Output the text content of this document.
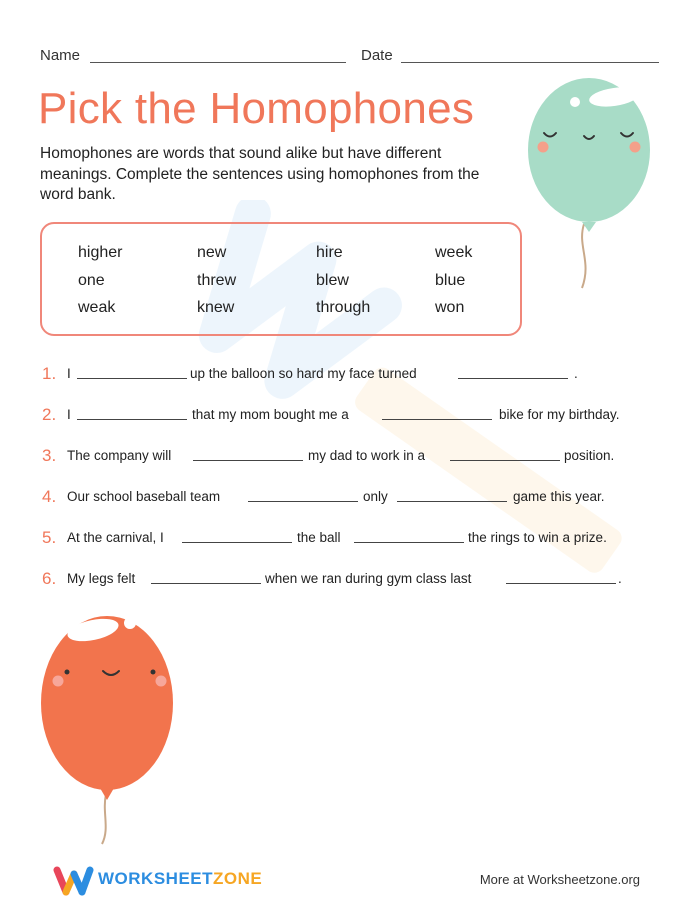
Name	Date
Pick the Homophones
Homophones are words that sound alike but have different meanings. Complete the sentences using homophones from the word bank.
higher	new	hire	week
one	threw	blew	blue
weak	knew	through	won
1. I	up the balloon so hard my face turned	.
2. I	that my mom bought me a	bike for my birthday.
3. The company will	my dad to work in a	position.
4. Our school baseball team	only	game this year.
5. At the carnival, I	the ball	the rings to win a prize.
6. My legs felt	when we ran during gym class last	.
WORKSHEETZONE	More at Worksheetzone.org
